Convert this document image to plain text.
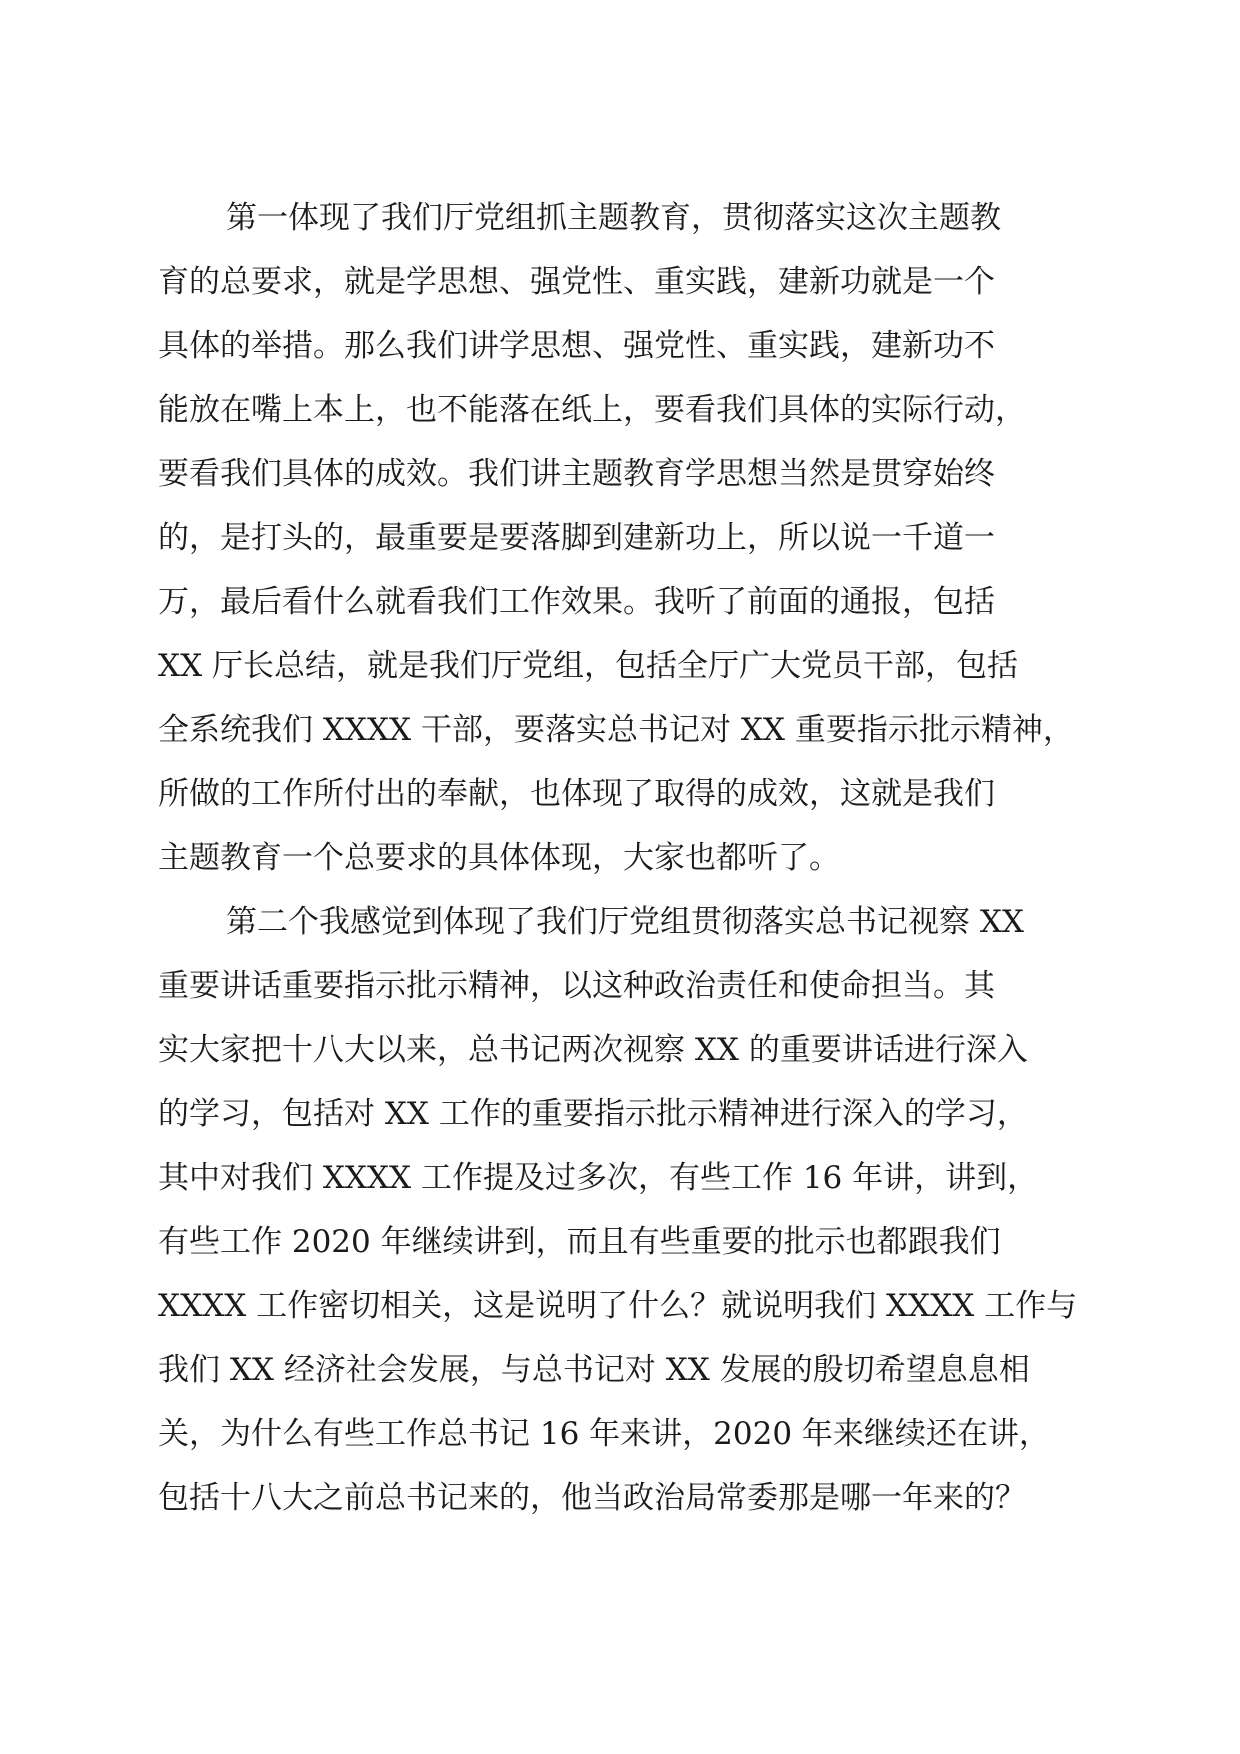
第一体现了我们厅党组抓主题教育，贯彻落实这次主题教

育的总要求，就是学思想、强党性、重实践，建新功就是一个

具体的举措。那么我们讲学思想、强党性、重实践，建新功不

能放在嘴上本上，也不能落在纸上，要看我们具体的实际行动，

要看我们具体的成效。我们讲主题教育学思想当然是贯穿始终

的，是打头的，最重要是要落脚到建新功上，所以说一千道一

万，最后看什么就看我们工作效果。我听了前面的通报，包括

XX 厅长总结，就是我们厅党组，包括全厅广大党员干部，包括

全系统我们 XXXX 干部，要落实总书记对 XX 重要指示批示精神，

所做的工作所付出的奉献，也体现了取得的成效，这就是我们

主题教育一个总要求的具体体现，大家也都听了。

第二个我感觉到体现了我们厅党组贯彻落实总书记视察 XX

重要讲话重要指示批示精神，以这种政治责任和使命担当。其

实大家把十八大以来，总书记两次视察 XX 的重要讲话进行深入

的学习，包括对 XX 工作的重要指示批示精神进行深入的学习，

其中对我们 XXXX 工作提及过多次，有些工作 16 年讲，讲到，

有些工作 2020 年继续讲到，而且有些重要的批示也都跟我们

XXXX 工作密切相关，这是说明了什么？就说明我们 XXXX 工作与

我们 XX 经济社会发展，与总书记对 XX 发展的殷切希望息息相

关，为什么有些工作总书记 16 年来讲，2020 年来继续还在讲，

包括十八大之前总书记来的，他当政治局常委那是哪一年来的？
